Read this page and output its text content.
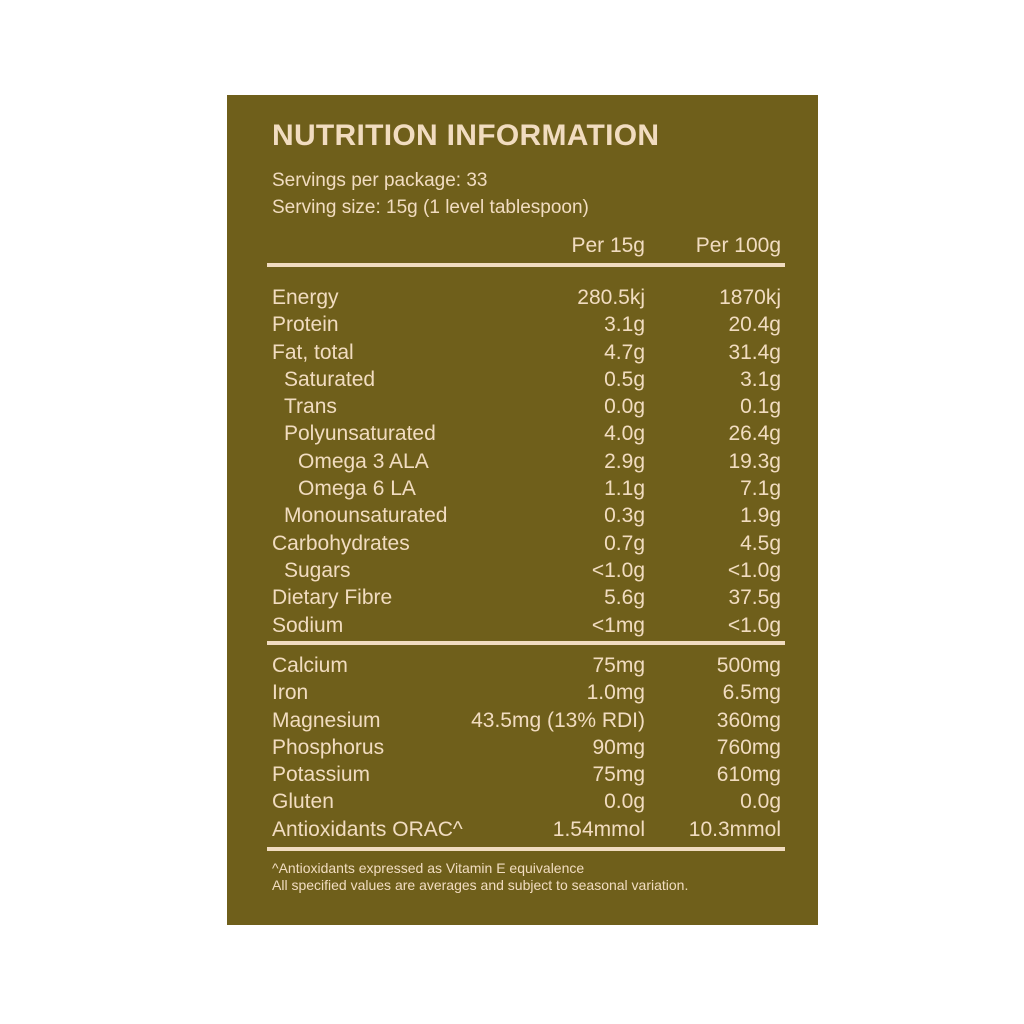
NUTRITION INFORMATION
Servings per package: 33
Serving size: 15g (1 level tablespoon)
Per 15g Per 100g
Energy	280.5kj	1870kj
Protein	3.1g	20.4g
Fat, total	4.7g	31.4g
Saturated	0.5g	3.1g
Trans	0.0g	0.1g
Polyunsaturated	4.0g	26.4g
Omega 3 ALA	2.9g	19.3g
Omega 6 LA	1.1g	7.1g
Monounsaturated	0.3g	1.9g
Carbohydrates	0.7g	4.5g
Sugars	<1.0g	<1.0g
Dietary Fibre	5.6g	37.5g
Sodium	<1mg	<1.0g
Calcium	75mg	500mg
Iron	1.0mg	6.5mg
Magnesium	43.5mg (13% RDI)	360mg
Phosphorus	90mg	760mg
Potassium	75mg	610mg
Gluten	0.0g	0.0g
Antioxidants ORAC^	1.54mmol 10.3mmol
^Antioxidants expressed as Vitamin E equivalence
All specified values are averages and subject to seasonal variation.
